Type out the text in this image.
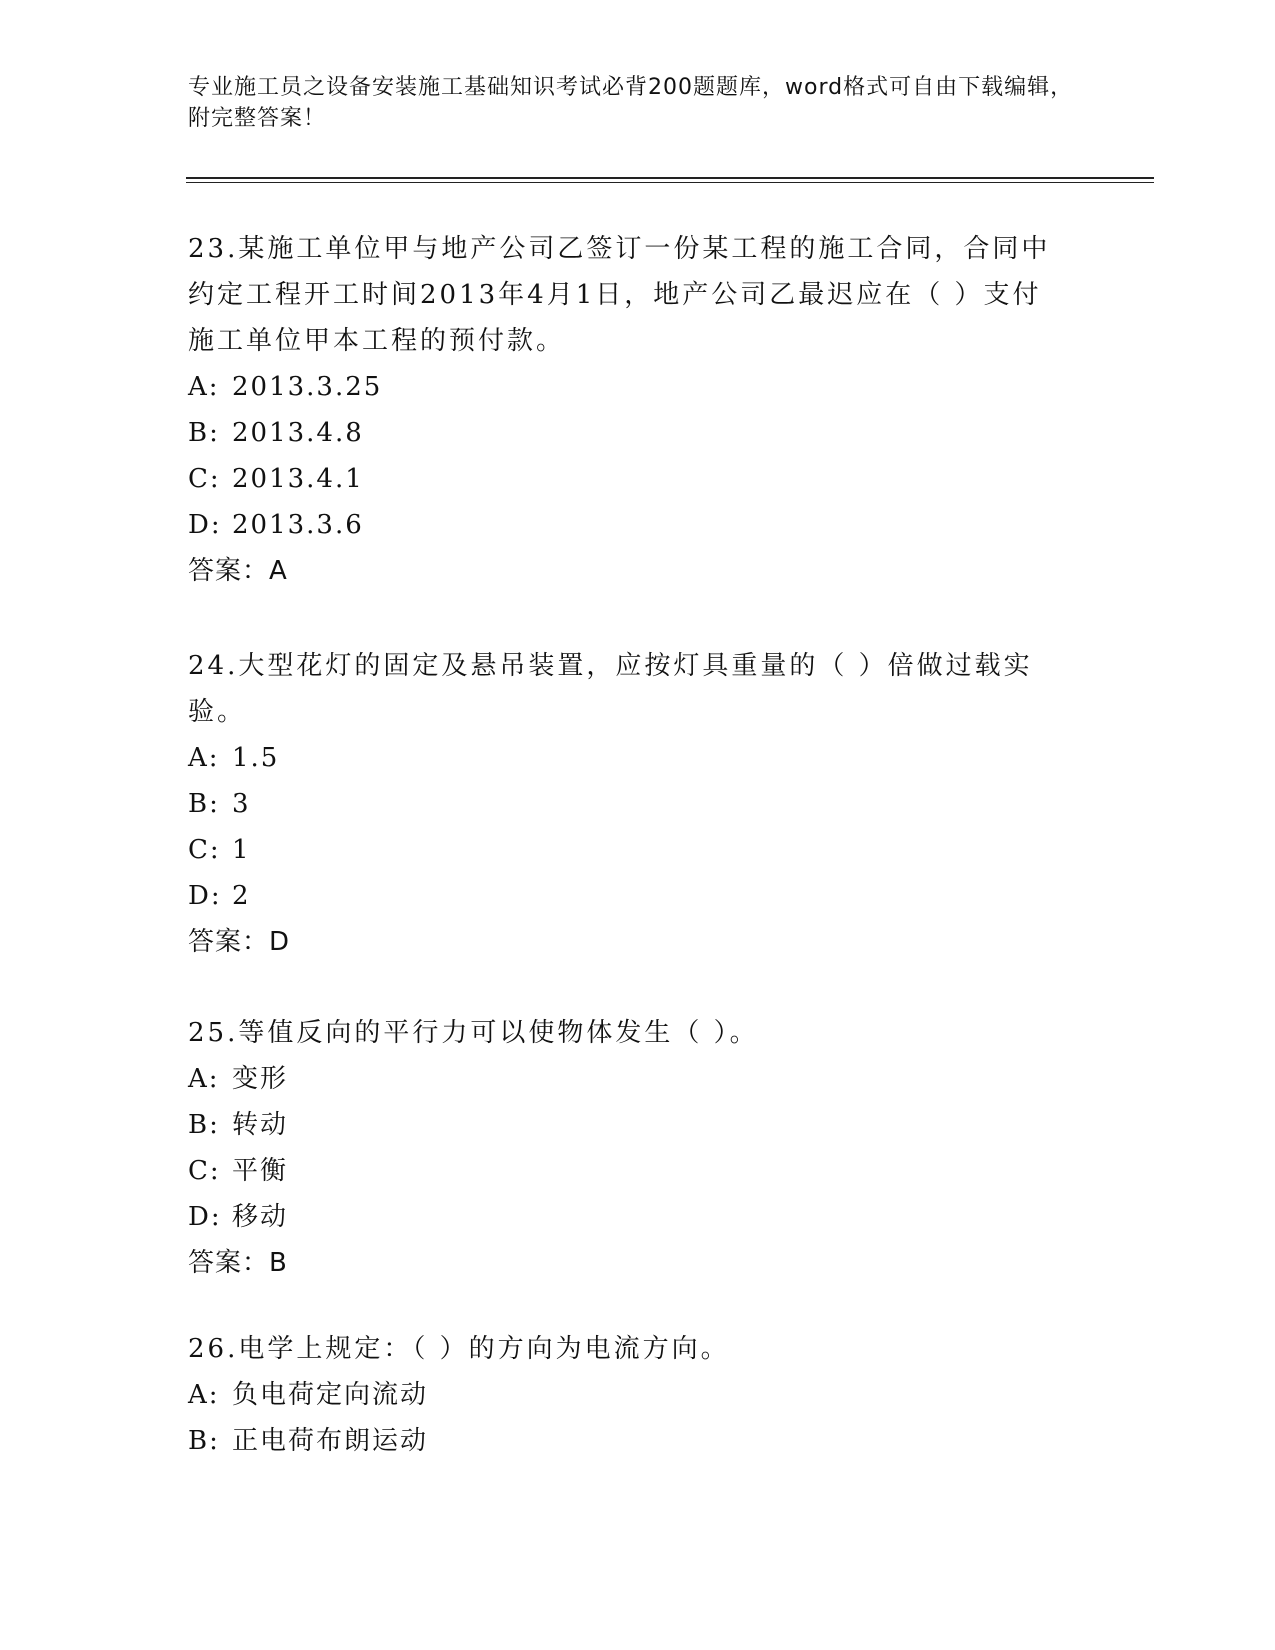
专业施工员之设备安装施工基础知识考试必背200题题库，word格式可自由下载编辑，附完整答案！

23.某施工单位甲与地产公司乙签订一份某工程的施工合同，合同中约定工程开工时间2013年4月1日，地产公司乙最迟应在（ ）支付施工单位甲本工程的预付款。

A: 2013.3.25

B: 2013.4.8

C: 2013.4.1

D: 2013.3.6

答案：A

24.大型花灯的固定及悬吊装置，应按灯具重量的（ ）倍做过载实验。

A: 1.5

B: 3

C: 1

D: 2

答案：D

25.等值反向的平行力可以使物体发生（ ）。

A: 变形

B: 转动

C: 平衡

D: 移动

答案：B

26.电学上规定：（ ）的方向为电流方向。

A: 负电荷定向流动

B: 正电荷布朗运动
